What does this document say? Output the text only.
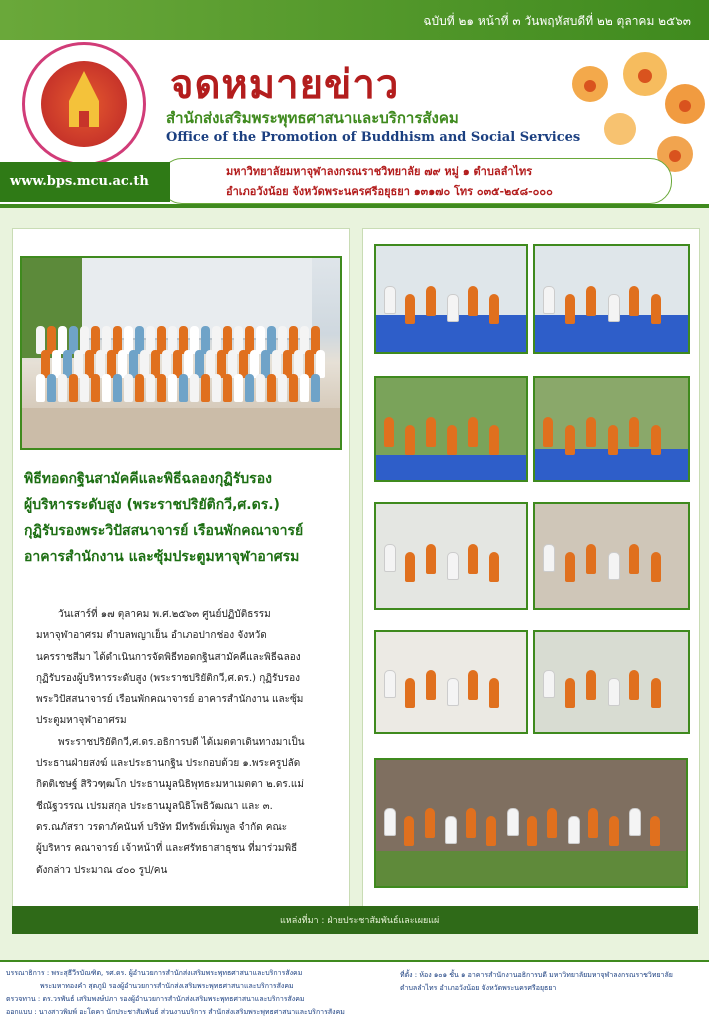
ฉบับที่ ๒๑ หน้าที่ ๓ วันพฤหัสบดีที่ ๒๒ ตุลาคม ๒๕๖๓
จดหมายข่าว
สำนักส่งเสริมพระพุทธศาสนาและบริการสังคม
Office of the Promotion of Buddhism and Social Services
www.bps.mcu.ac.th
มหาวิทยาลัยมหาจุฬาลงกรณราชวิทยาลัย ๗๙ หมู่ ๑ ตำบลลำไทร
อำเภอวังน้อย จังหวัดพระนครศรีอยุธยา ๑๓๑๗๐ โทร ๐๓๕-๒๔๘-๐๐๐
พิธีทอดกฐินสามัคคีและพิธีฉลองกุฏิรับรอง
ผู้บริหารระดับสูง (พระราชปริยัติกวี,ศ.ดร.)
กุฏิรับรองพระวิปัสสนาจารย์ เรือนพักคณาจารย์
อาคารสำนักงาน และซุ้มประตูมหาจุฬาอาศรม
วันเสาร์ที่ ๑๗ ตุลาคม พ.ศ.๒๕๖๓ ศูนย์ปฏิบัติธรรม
มหาจุฬาอาศรม ตำบลพญาเย็น อำเภอปากช่อง จังหวัด
นครราชสีมา ได้ดำเนินการจัดพิธีทอดกฐินสามัคคีและพิธีฉลอง
กุฏิรับรองผู้บริหารระดับสูง (พระราชปริยัติกวี,ศ.ดร.) กุฏิรับรอง
พระวิปัสสนาจารย์ เรือนพักคณาจารย์ อาคารสำนักงาน และซุ้ม
ประตูมหาจุฬาอาศรม
พระราชปริยัติกวี,ศ.ดร.อธิการบดี ได้เมตตาเดินทางมาเป็น
ประธานฝ่ายสงฆ์ และประธานกฐิน ประกอบด้วย ๑.พระครูปลัด
กิตติเชษฐ์ สิริวฑฺฒโก ประธานมูลนิธิพุทธะมหาเมตตา ๒.ดร.แม่
ชีณัฐวรรณ เปรมสกุล ประธานมูลนิธิโพธิวัฒณา และ ๓.
ดร.ณภัสรา วรดาภัคนันท์ บริษัท มีทรัพย์เพิ่มพูล จำกัด คณะ
ผู้บริหาร คณาจารย์ เจ้าหน้าที่ และศรัทธาสาธุชน ที่มาร่วมพิธี
ดังกล่าว ประมาณ ๔๐๐ รูป/คน
แหล่งที่มา : ฝ่ายประชาสัมพันธ์และเผยแผ่
บรรณาธิการ : พระสุธีวีรบัณฑิต, รศ.ดร. ผู้อำนวยการสำนักส่งเสริมพระพุทธศาสนาและบริการสังคม
พระมหาทองคำ สุตภูมิ รองผู้อำนวยการสำนักส่งเสริมพระพุทธศาสนาและบริการสังคม
ตรวจทาน : ดร.วรพันธ์ เสริมพงษ์ปภา รองผู้อำนวยการสำนักส่งเสริมพระพุทธศาสนาและบริการสังคม
ออกแบบ : นางสาวพิมพ์ อะโดคา นักประชาสัมพันธ์ ส่วนงานบริการ สำนักส่งเสริมพระพุทธศาสนาและบริการสังคม
ที่ตั้ง : ห้อง ๑๐๑ ชั้น ๑ อาคารสำนักงานอธิการบดี มหาวิทยาลัยมหาจุฬาลงกรณราชวิทยาลัย
ตำบลลำไทร อำเภอวังน้อย จังหวัดพระนครศรีอยุธยา
